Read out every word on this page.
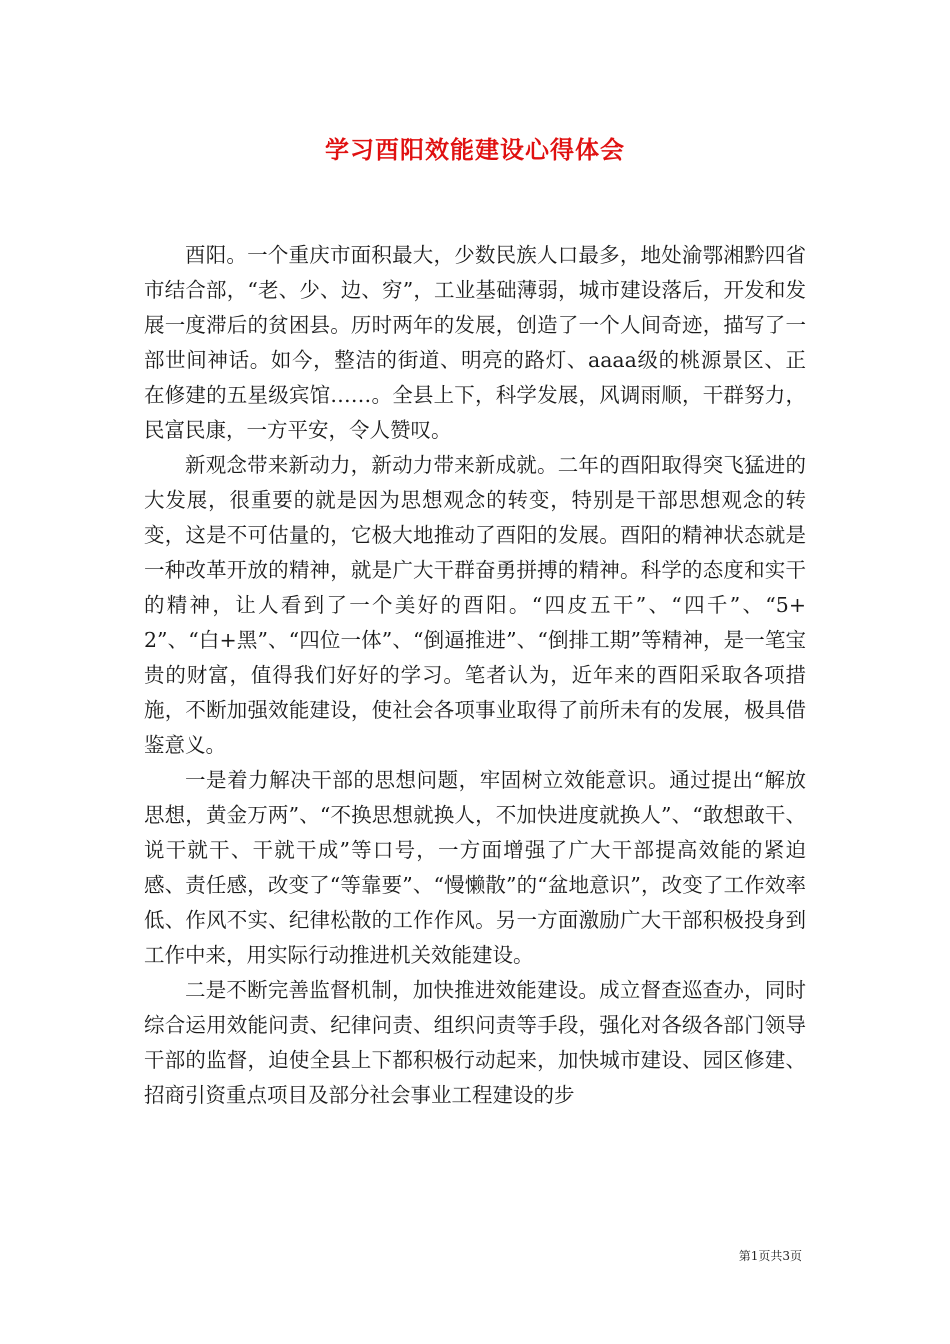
学习酉阳效能建设心得体会

酉阳。一个重庆市面积最大，少数民族人口最多，地处渝鄂湘黔四省市结合部，“老、少、边、穷”，工业基础薄弱，城市建设落后，开发和发展一度滞后的贫困县。历时两年的发展，创造了一个人间奇迹，描写了一部世间神话。如今，整洁的街道、明亮的路灯、aaaa级的桃源景区、正在修建的五星级宾馆……。全县上下，科学发展，风调雨顺，干群努力，民富民康，一方平安，令人赞叹。

新观念带来新动力，新动力带来新成就。二年的酉阳取得突飞猛进的大发展，很重要的就是因为思想观念的转变，特别是干部思想观念的转变，这是不可估量的，它极大地推动了酉阳的发展。酉阳的精神状态就是一种改革开放的精神，就是广大干群奋勇拼搏的精神。科学的态度和实干的精神，让人看到了一个美好的酉阳。“四皮五干”、“四千”、“5+2”、“白+黑”、“四位一体”、“倒逼推进”、“倒排工期”等精神，是一笔宝贵的财富，值得我们好好的学习。笔者认为，近年来的酉阳采取各项措施，不断加强效能建设，使社会各项事业取得了前所未有的发展，极具借鉴意义。

一是着力解决干部的思想问题，牢固树立效能意识。通过提出“解放思想，黄金万两”、“不换思想就换人，不加快进度就换人”、“敢想敢干、说干就干、干就干成”等口号，一方面增强了广大干部提高效能的紧迫感、责任感，改变了“等靠要”、“慢懒散”的“盆地意识”，改变了工作效率低、作风不实、纪律松散的工作作风。另一方面激励广大干部积极投身到工作中来，用实际行动推进机关效能建设。

二是不断完善监督机制，加快推进效能建设。成立督查巡查办，同时综合运用效能问责、纪律问责、组织问责等手段，强化对各级各部门领导干部的监督，迫使全县上下都积极行动起来，加快城市建设、园区修建、招商引资重点项目及部分社会事业工程建设的步

第1页共3页
